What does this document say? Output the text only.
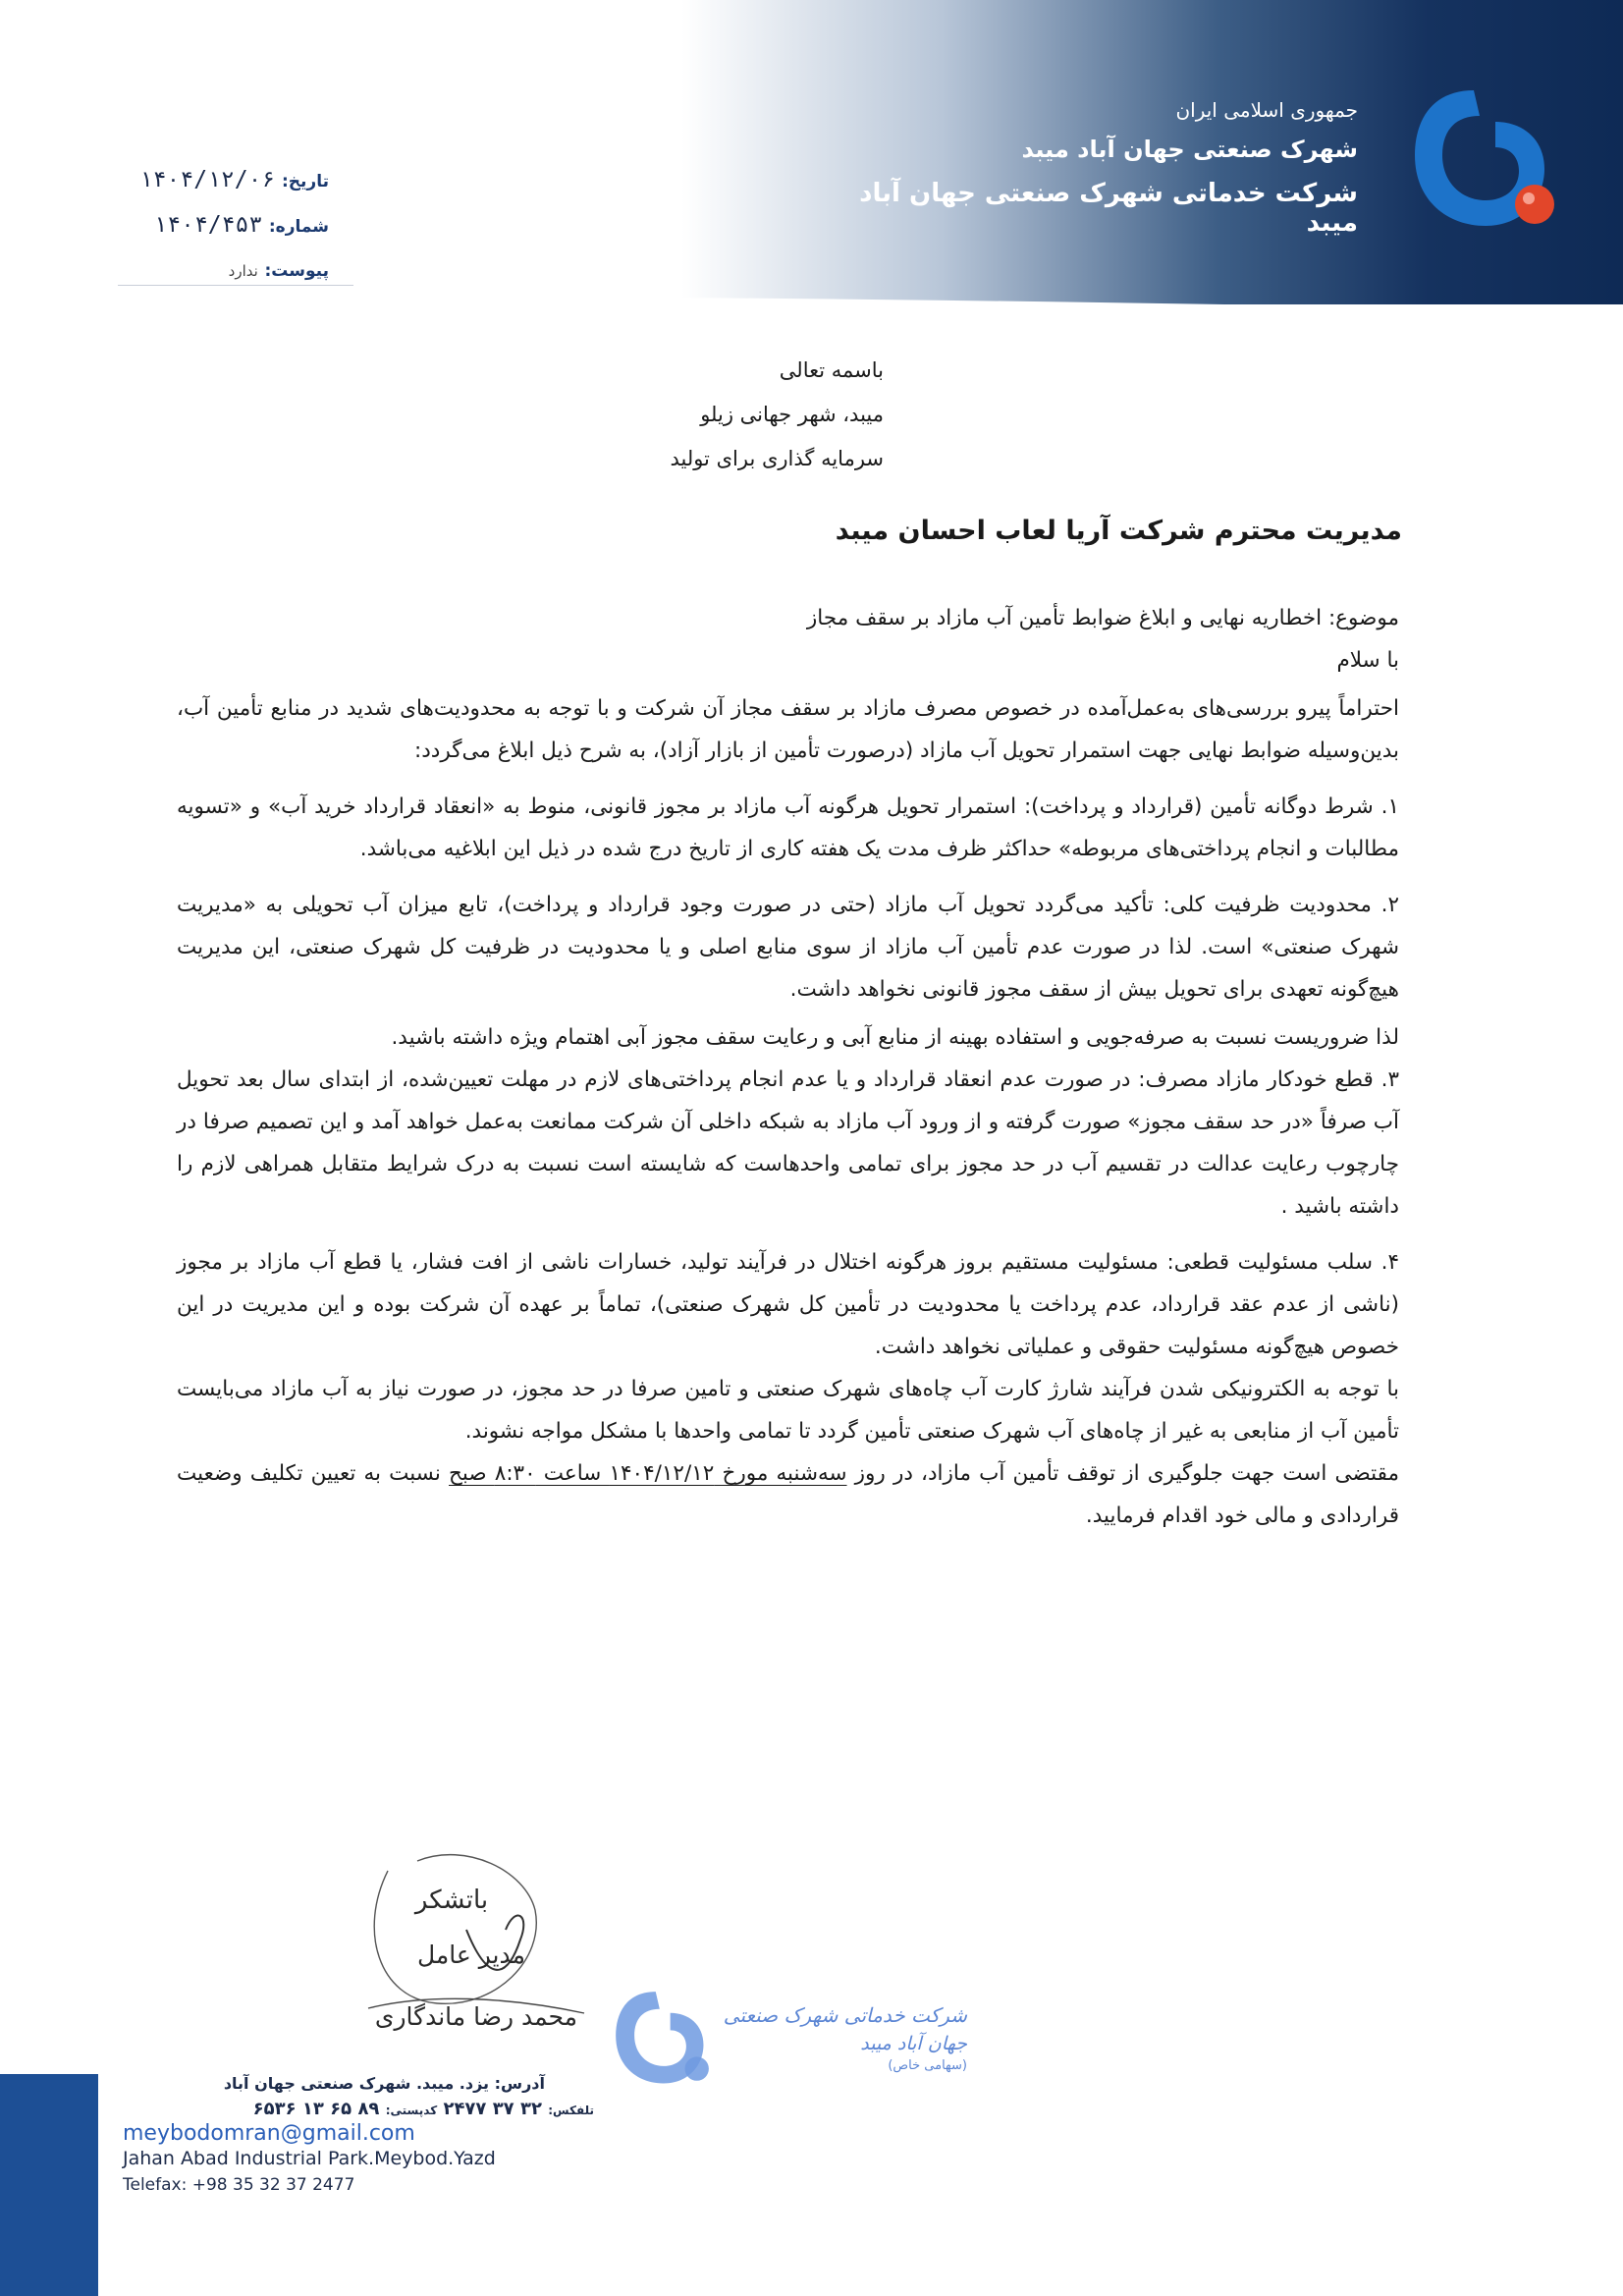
جمهوری اسلامی ایران
شهرک صنعتی جهان آباد میبد
شرکت خدماتی شهرک صنعتی جهان آباد میبد
تاریخ: ۱۴۰۴/۱۲/۰۶
شماره: ۱۴۰۴/۴۵۳
پیوست: ندارد
باسمه تعالی
میبد، شهر جهانی زیلو
سرمایه گذاری برای تولید
مدیریت محترم شرکت آریا لعاب احسان میبد

موضوع: اخطاریه نهایی و ابلاغ ضوابط تأمین آب مازاد بر سقف مجاز

با سلام

احتراماً پیرو بررسی‌های به‌عمل‌آمده در خصوص مصرف مازاد بر سقف مجاز آن شرکت و با توجه به محدودیت‌های شدید در منابع تأمین آب، بدین‌وسیله ضوابط نهایی جهت استمرار تحویل آب مازاد (درصورت تأمین از بازار آزاد)، به شرح ذیل ابلاغ می‌گردد:

۱. شرط دوگانه تأمین (قرارداد و پرداخت): استمرار تحویل هرگونه آب مازاد بر مجوز قانونی، منوط به «انعقاد قرارداد خرید آب» و «تسویه مطالبات و انجام پرداختی‌های مربوطه» حداکثر ظرف مدت یک هفته کاری از تاریخ درج شده در ذیل این ابلاغیه می‌باشد.

۲. محدودیت ظرفیت کلی: تأکید می‌گردد تحویل آب مازاد (حتی در صورت وجود قرارداد و پرداخت)، تابع میزان آب تحویلی به «مدیریت شهرک صنعتی» است. لذا در صورت عدم تأمین آب مازاد از سوی منابع اصلی و یا محدودیت در ظرفیت کل شهرک صنعتی، این مدیریت هیچ‌گونه تعهدی برای تحویل بیش از سقف مجوز قانونی نخواهد داشت.

لذا ضروریست نسبت به صرفه‌جویی و استفاده بهینه از منابع آبی و رعایت سقف مجوز آبی اهتمام ویژه داشته باشید.

۳. قطع خودکار مازاد مصرف: در صورت عدم انعقاد قرارداد و یا عدم انجام پرداختی‌های لازم در مهلت تعیین‌شده، از ابتدای سال بعد تحویل آب صرفاً «در حد سقف مجوز» صورت گرفته و از ورود آب مازاد به شبکه داخلی آن شرکت ممانعت به‌عمل خواهد آمد و این تصمیم صرفا در چارچوب رعایت عدالت در تقسیم آب در حد مجوز برای تمامی واحدهاست که شایسته است نسبت به درک شرایط متقابل همراهی لازم را داشته باشید .

۴. سلب مسئولیت قطعی: مسئولیت مستقیم بروز هرگونه اختلال در فرآیند تولید، خسارات ناشی از افت فشار، یا قطع آب مازاد بر مجوز (ناشی از عدم عقد قرارداد، عدم پرداخت یا محدودیت در تأمین کل شهرک صنعتی)، تماماً بر عهده آن شرکت بوده و این مدیریت در این خصوص هیچ‌گونه مسئولیت حقوقی و عملیاتی نخواهد داشت.

با توجه به الکترونیکی شدن فرآیند شارژ کارت آب چاه‌های شهرک صنعتی و تامین صرفا در حد مجوز، در صورت نیاز به آب مازاد می‌بایست تأمین آب از منابعی به غیر از چاه‌های آب شهرک صنعتی تأمین گردد تا تمامی واحدها با مشکل مواجه نشوند.

مقتضی است جهت جلوگیری از توقف تأمین آب مازاد، در روز سه‌شنبه مورخ ۱۴۰۴/۱۲/۱۲ ساعت ۸:۳۰ صبح نسبت به تعیین تکلیف وضعیت قراردادی و مالی خود اقدام فرمایید.

باتشکر
مدیر عامل
محمد رضا ماندگاری	شرکت خدماتی شهرک صنعتی
جهان آباد میبد
(سهامی خاص)
آدرس: یزد. میبد. شهرک صنعتی جهان آباد
تلفکس: ۳۲ ۳۷ ۲۴۷۷ کدپستی: ۸۹ ۶۵ ۱۳ ۶۵۳۶
meybodomran@gmail.com
Jahan Abad Industrial Park.Meybod.Yazd
Telefax: +98 35 32 37 2477
